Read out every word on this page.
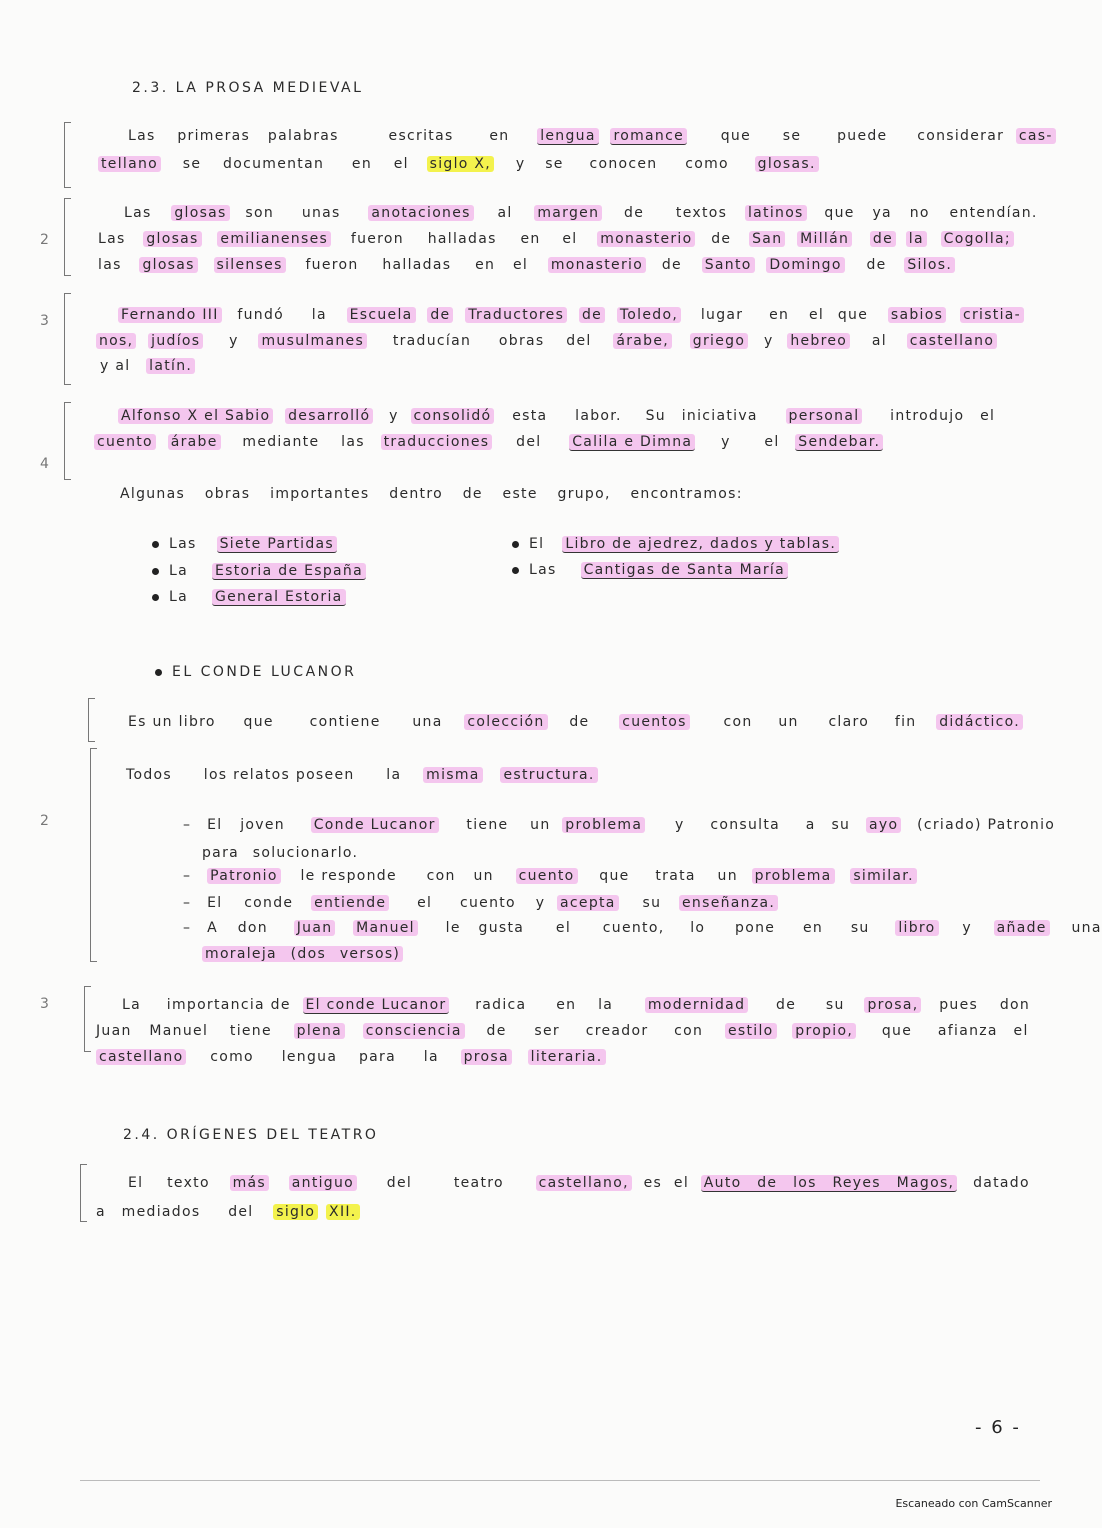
2.3. LA PROSA MEDIEVAL
Las primeras palabras	escritas	en lengua romance	que se	puede considerar cas-
tellano se documentan en el siglo X, y se conocen como glosas.
2
Las glosas son unas anotaciones al margen de textos latinos que ya no entendían.
Las glosas emilianenses fueron halladas en el monasterio de San Millán de la Cogolla;
las glosas silenses fueron halladas en el monasterio de Santo Domingo de Silos.
3	Fernando III fundó la Escuela de Traductores de Toledo, lugar en el que sabios cristia-
nos, judíos y musulmanes traducían obras del árabe, griego y hebreo al castellano
y al latín.
4
Alfonso X el Sabio desarrolló y consolidó esta labor. Su iniciativa personal introdujo el
cuento árabe mediante las traducciones del Calila e Dimna y el Sendebar.
Algunas obras importantes dentro de este grupo, encontramos:
Las Siete Partidas
La Estoria de España
La General Estoria
El Libro de ajedrez, dados y tablas.
Las Cantigas de Santa María
EL CONDE LUCANOR
Es un libro que	contiene una colección de cuentos	con un claro fin didáctico.
2
Todos los relatos poseen la misma estructura.
– El joven Conde Lucanor tiene un problema y consulta a su ayo (criado) Patronio
para solucionarlo.
– Patronio le responde con un cuento que trata un problema similar.
– El conde entiende el cuento y acepta su enseñanza.
– A don Juan Manuel le gusta el cuento, lo pone en su libro y añade una
moraleja (dos versos)
3	La importancia de El conde Lucanor radica en la modernidad de su prosa, pues don
Juan Manuel tiene plena consciencia de ser creador con estilo propio, que afianza el
castellano como lengua para la prosa literaria.
2.4. ORÍGENES DEL TEATRO
El texto más antiguo del	teatro castellano, es el Auto de los Reyes Magos, datado
a mediados del siglo XII.
- 6 -
Escaneado con CamScanner
